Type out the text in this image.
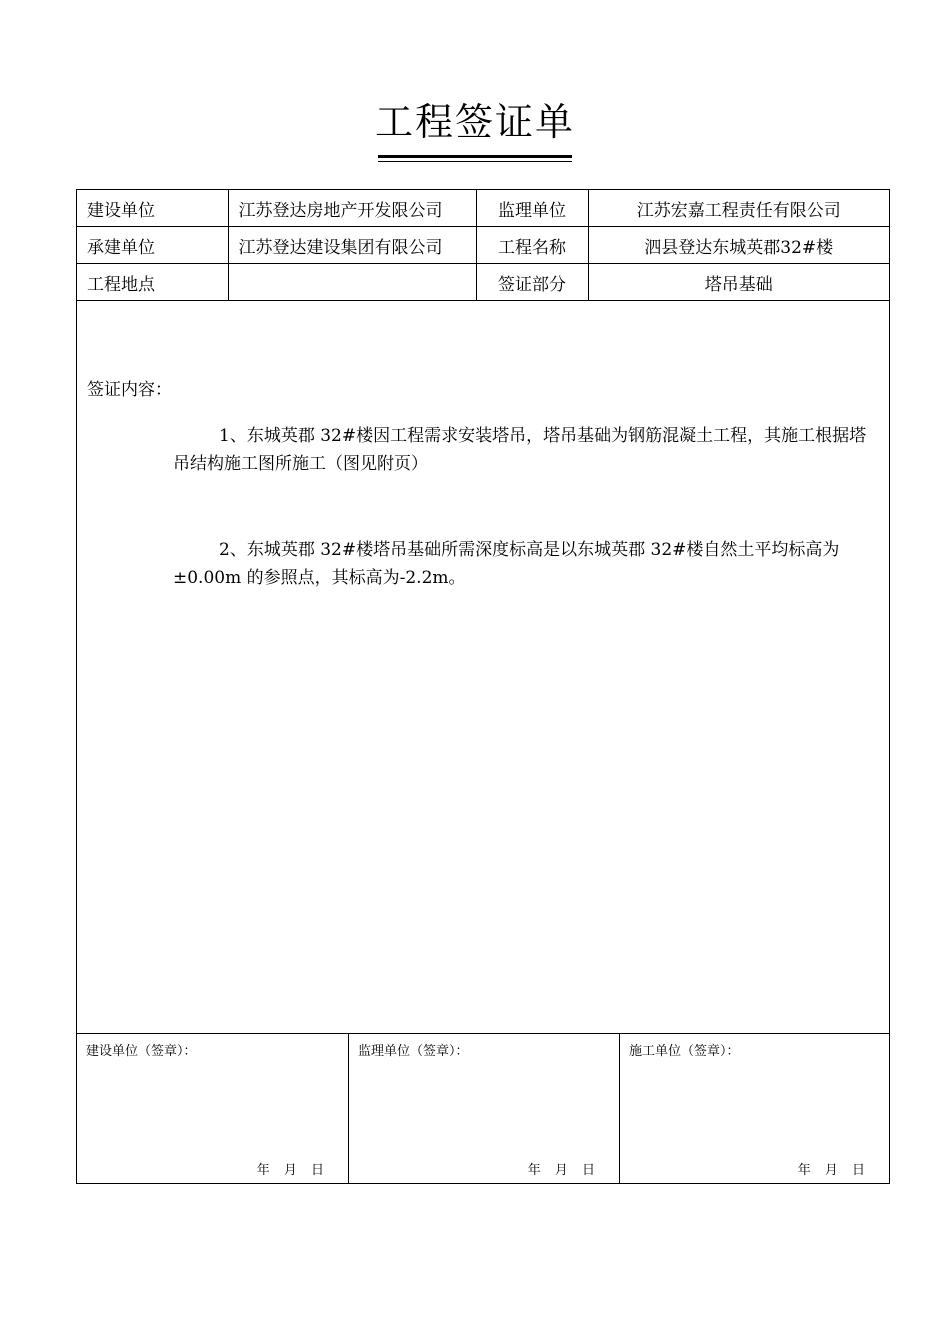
工程签证单
建设单位	江苏登达房地产开发限公司	监理单位	江苏宏嘉工程责任有限公司
承建单位	江苏登达建设集团有限公司	工程名称	泗县登达东城英郡32#楼
工程地点		签证部分	塔吊基础
签证内容：
1、东城英郡 32#楼因工程需求安装塔吊，塔吊基础为钢筋混凝土工程，其施工根据塔吊结构施工图所施工（图见附页）
2、东城英郡 32#楼塔吊基础所需深度标高是以东城英郡 32#楼自然土平均标高为±0.00m 的参照点，其标高为-2.2m。
建设单位（签章）：
年 月 日
监理单位（签章）：
年 月 日
施工单位（签章）：
年 月 日
